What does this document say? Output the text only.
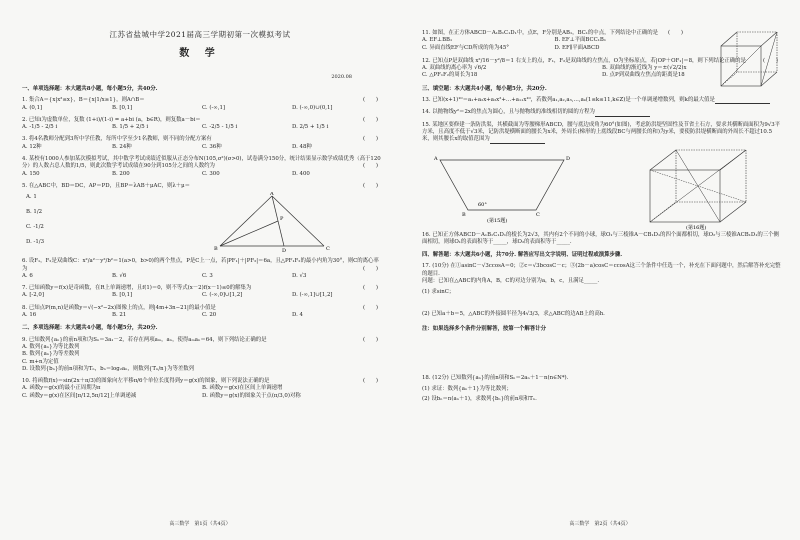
江苏省盐城中学2021届高三学期初第一次模拟考试
数 学
2020.08
一、单项选择题：本大题共8小题，每小题5分，共40分.
1. 集合A＝{x|x²≤x}，B＝{x|1/x≥1}，则A∩B＝	(　　)
A. (0,1]	B. [0,1]	C. (-∞,1]	D. (-∞,0)∪(0,1]
2. 已知i为虚数单位，复数 (1+i)/(1-i) = a+bi (a，b∈R)，则复数a－bi＝	(　　)
A. -1/5 - 2/5 i	B. 1/5 + 2/5 i	C. -2/5 - 1/5 i	D. 2/5 + 1/5 i
3. 将4名教师分配到3所中学任教，每所中学至少1名教师，则不同的分配方案有	(　　)
A. 12种	B. 24种	C. 36种	D. 48种
4. 某校有1000人参加某次模拟考试，其中数学考试成绩近似服从正态分布N(105,σ²)(σ>0)，试卷满分150分，统计结果显示数学成绩优秀（高于120分）的人数占总人数的1/5，则此次数学考试成绩在90分到105分之间的人数约为	(　　)
A. 150	B. 200	C. 300	D. 400
5. 在△ABC中，BD＝DC，AP＝PD，且BP＝λAB＋μAC，则λ＋μ＝	(　　)
A. 1
B. 1/2
C. -1/2
D. -1/3
A
B	C
D
P
6. 设F₁，F₂是双曲线C：x²/a²－y²/b²＝1(a>0，b>0)的两个焦点，P是C上一点，若|PF₁|＋|PF₂|＝6a，且△PF₁F₂的最小内角为30°，则C的离心率为	(　　)
A. 6	B. √6	C. 3	D. √3
7. 已知函数y＝f(x)是奇函数，在R上单调递增，且f(1)＝0，则不等式(x－2)f(x－1)≤0的解集为	(　　)
A. [-2,0]	B. [0,1]	C. (-∞,0]∪[1,2]	D. (-∞,1]∪[1,2]
8. 已知点P(m,n)是函数y＝√(−x²−2x)图像上的点，则|4m+3n−21|的最小值是	(　　)
A. 16	B. 21	C. 20	D. 4
二、多项选择题：本大题共4小题，每小题5分，共20分.
9. 已知数列{aₙ}的前n项和为Sₙ＝3a₁－2，若存在两项aₘ，aₙ，使得aₘaₙ＝64，则下列结论正确的是	(　　)
A. 数列{aₙ}为等比数列
B. 数列{aₙ}为等差数列
C. m+n为定值
D. 设数列{bₙ}的前n项和为Tₙ，bₙ＝log₂aₙ，则数列{Tₙ/n}为等差数列
10. 将函数f(x)＝sin(2x＋π/3)的图象向左平移π/6个单位长度得到y＝g(x)的图象，则下列说法正确的是	(　　)
A. 函数y＝g(x)的最小正周期为π	B. 函数y＝g(x)在区间上单调递增
C. 函数y＝g(x)在区间[π/12,5π/12]上单调递减	D. 函数y＝g(x)的图象关于点(π/3,0)对称
高三数学　第1页（共4页）
11. 如图，在正方体ABCD－A₁B₁C₁D₁中，点E，F分别是AB₁，BC₁的中点，下列结论中正确的是 (　　)
A. EF⊥BB₁	B. EF⊥平面BCC₁B₁
C. 异面直线EF与CD所成的角为45°	D. EF∥平面ABCD
12. 已知点P是双曲线 x²/16－y²/8＝1 右支上的点，F₁，F₂是双曲线的左焦点，O为坐标原点，若|OP＋OF₁|＝8，则下列结论正确的是	(　　)
A. 双曲线的离心率为 √6/2	B. 双曲线的渐近线为 y＝±(√2/2)x
C. △PF₁F₂的周长为18	D. 点P到双曲线左焦点的距离是18
三、填空题：本大题共4小题，每小题5分，共20分.
13. 已知(x+1)¹⁰＝a₁+a₂x+a₃x²+…+a₁₁x¹⁰，若数列a₁,a₂,a₃,…,aₖ(1≤k≤11,k∈Z)是一个单调递增数列，则k的最大值是
14. 以抛物线y²＝2x的焦点为圆心，且与抛物线的准线相切的圆的方程为
15. 某地区要修建一条防洪渠，其横截面为等腰梯形ABCD，腰与底边成角为60°(如图)，考虑防洪堤坚固性及节省土石方，要求其横断面面积为9√3平方米，且高度不低于√3米，记防洪堤横断面的腰长为x米，外周长(梯形的上底线段BC与两腰长的和)为y米，要使防洪堤横断面的外周长不超过10.5米，则其腰长x的取值范围为
A	D
B	C
60°
(第15题)
(第16题)
16. 已知正方体ABCD－A₁B₁C₁D₁的棱长为2√3，其内有2个不同的小球，球O₁与三棱锥A－CB₁D₁的四个面都相切，球O₂与三棱锥ACB₁D₁的三个侧面相切，则球O₁的表面积等于_____，球O₂的表面积等于_____.
四、解答题：本大题共6小题，共70分. 解答应写出文字说明、证明过程或演算步骤.
17. (10分) 在①asinC－√3ccosA＝0；②c＝√3bcosC－c；③(2b－a)cosC＝ccosA这三个条件中任选一个，补充在下面问题中，然后解答补充完整的题目.
问题：已知在△ABC的内角A，B，C的对边分别为a，b，c，且满足_____.
(1) 求sinC；
(2) 已知a＋b＝5，△ABC的外接圆半径为4√3/3，求△ABC的边AB上的高h.
注：如果选择多个条件分别解答，按第一个解答计分
18. (12分) 已知数列{aₙ}的前n项和Sₙ＝2aₙ＋1－n(n∈N*).
(1) 求证：数列{aₙ＋1}为等比数列；
(2) 设bₙ＝n(aₙ＋1)，求数列{bₙ}的前n项和Tₙ.
高三数学　第2页（共4页）
